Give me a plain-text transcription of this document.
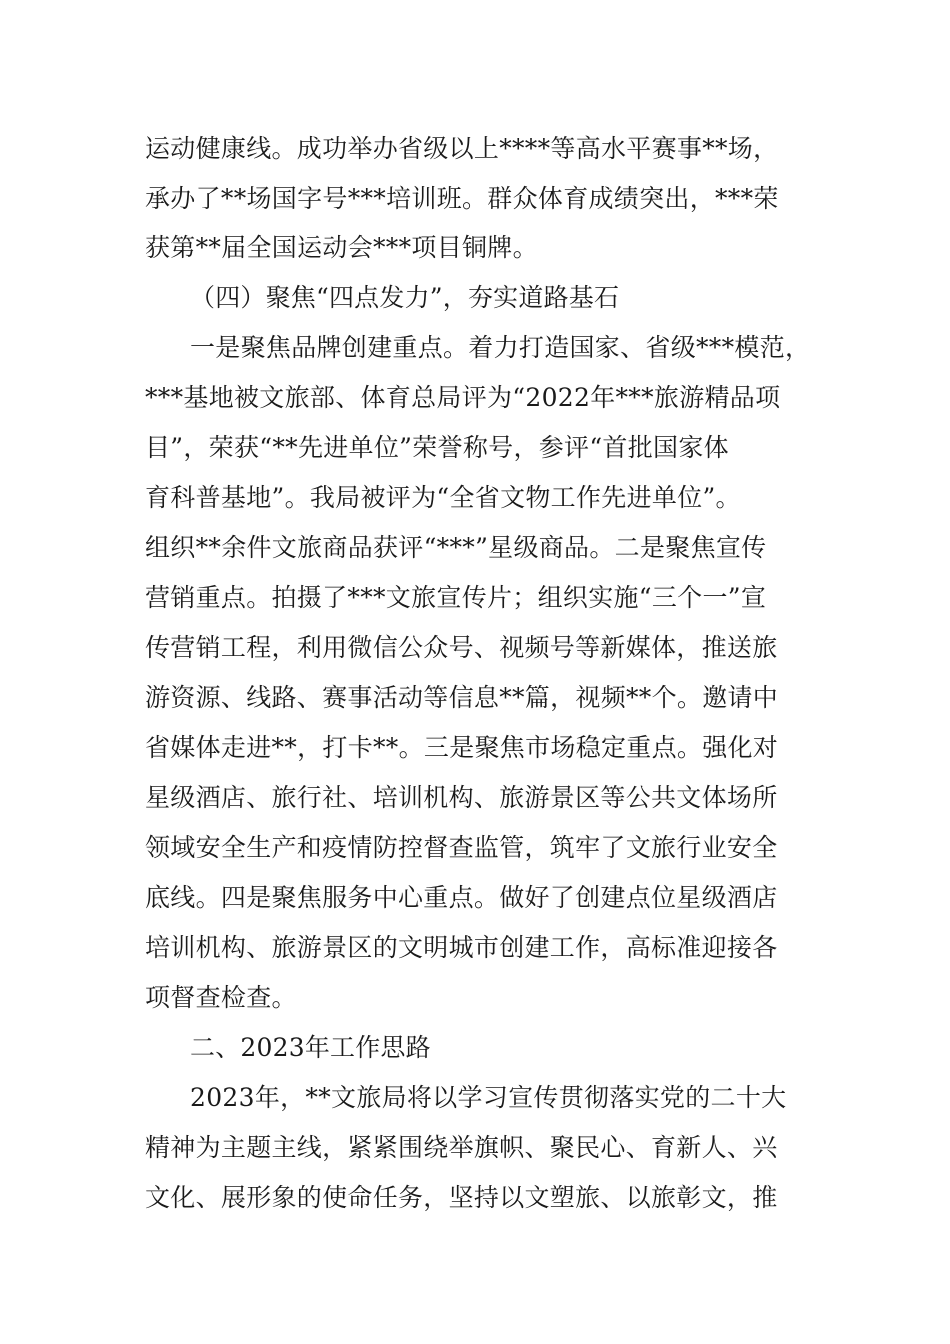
运动健康线。成功举办省级以上****等高水平赛事**场，
承办了**场国字号***培训班。群众体育成绩突出，***荣
获第**届全国运动会***项目铜牌。
（四）聚焦“四点发力”，夯实道路基石
一是聚焦品牌创建重点。着力打造国家、省级***模范，
***基地被文旅部、体育总局评为“2022年***旅游精品项
目”，荣获“**先进单位”荣誉称号，参评“首批国家体
育科普基地”。我局被评为“全省文物工作先进单位”。
组织**余件文旅商品获评“***”星级商品。二是聚焦宣传
营销重点。拍摄了***文旅宣传片；组织实施“三个一”宣
传营销工程，利用微信公众号、视频号等新媒体，推送旅
游资源、线路、赛事活动等信息**篇，视频**个。邀请中
省媒体走进**，打卡**。三是聚焦市场稳定重点。强化对
星级酒店、旅行社、培训机构、旅游景区等公共文体场所
领域安全生产和疫情防控督查监管，筑牢了文旅行业安全
底线。四是聚焦服务中心重点。做好了创建点位星级酒店
培训机构、旅游景区的文明城市创建工作，高标准迎接各
项督查检查。
二、2023年工作思路
2023年，**文旅局将以学习宣传贯彻落实党的二十大
精神为主题主线，紧紧围绕举旗帜、聚民心、育新人、兴
文化、展形象的使命任务，坚持以文塑旅、以旅彰文，推
